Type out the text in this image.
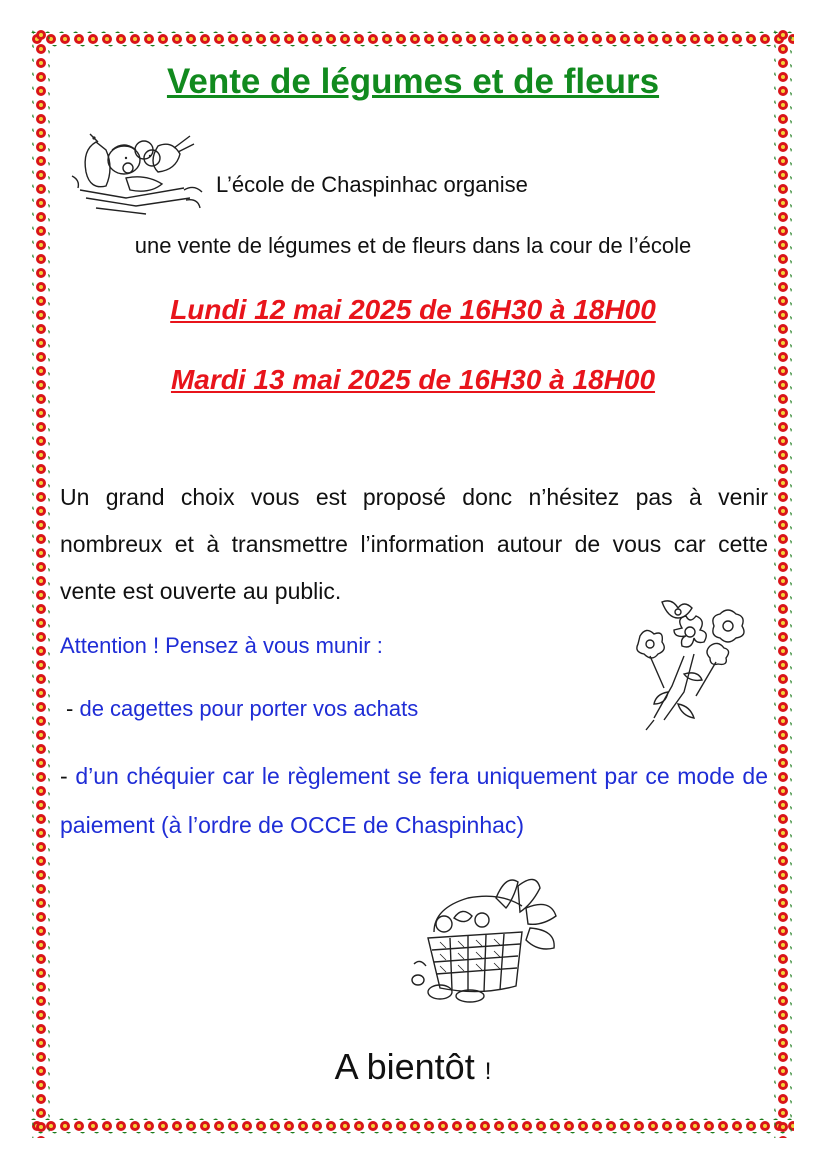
Vente de légumes et de fleurs
L’école de Chaspinhac organise
une vente de légumes et de fleurs dans la cour de l’école
Lundi 12 mai 2025 de 16H30 à 18H00
Mardi 13 mai 2025 de 16H30 à 18H00

Un grand choix vous est proposé donc n’hésitez pas à venir nombreux et à transmettre l’information autour de vous car cette vente est ouverte au public.

Attention ! Pensez à vous munir :
- de cagettes pour porter vos achats

- d’un chéquier car le règlement se fera uniquement par ce mode de paiement (à l’ordre de OCCE de Chaspinhac)

A bientôt !
